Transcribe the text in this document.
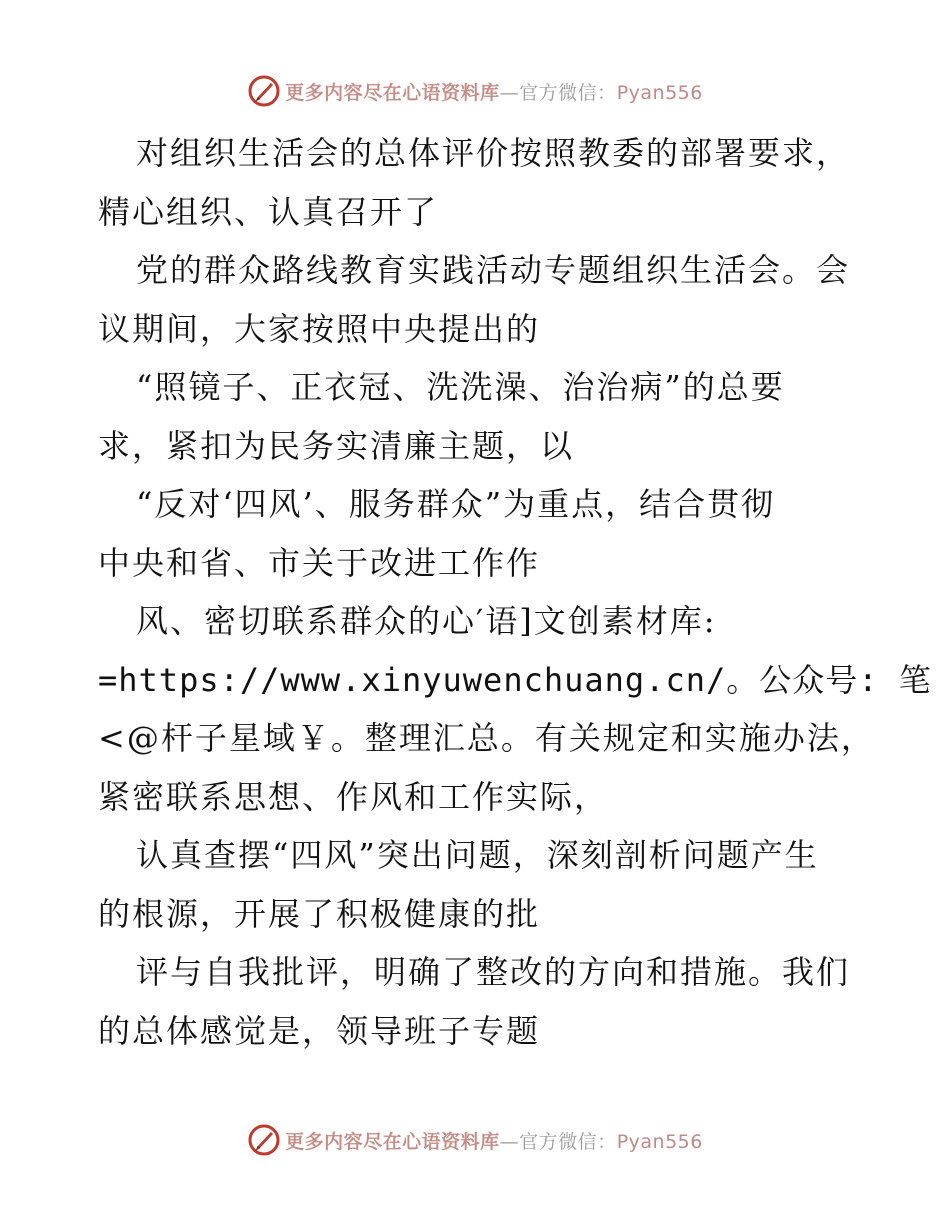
更多内容尽在心语资料库—官方微信：Pyan556
对组织生活会的总体评价按照教委的部署要求，
精心组织、认真召开了
党的群众路线教育实践活动专题组织生活会。会
议期间，大家按照中央提出的
“照镜子、正衣冠、洗洗澡、治治病”的总要
求，紧扣为民务实清廉主题，以
“反对‘四风’、服务群众”为重点，结合贯彻
中央和省、市关于改进工作作
风、密切联系群众的心′语]文创素材库:
=https://www.xinyuwenchuang.cn/。公众号: 笔
<@杆子星域￥。整理汇总。有关规定和实施办法，
紧密联系思想、作风和工作实际，
认真查摆“四风”突出问题，深刻剖析问题产生
的根源，开展了积极健康的批
评与自我批评，明确了整改的方向和措施。我们
的总体感觉是，领导班子专题
更多内容尽在心语资料库—官方微信：Pyan556
